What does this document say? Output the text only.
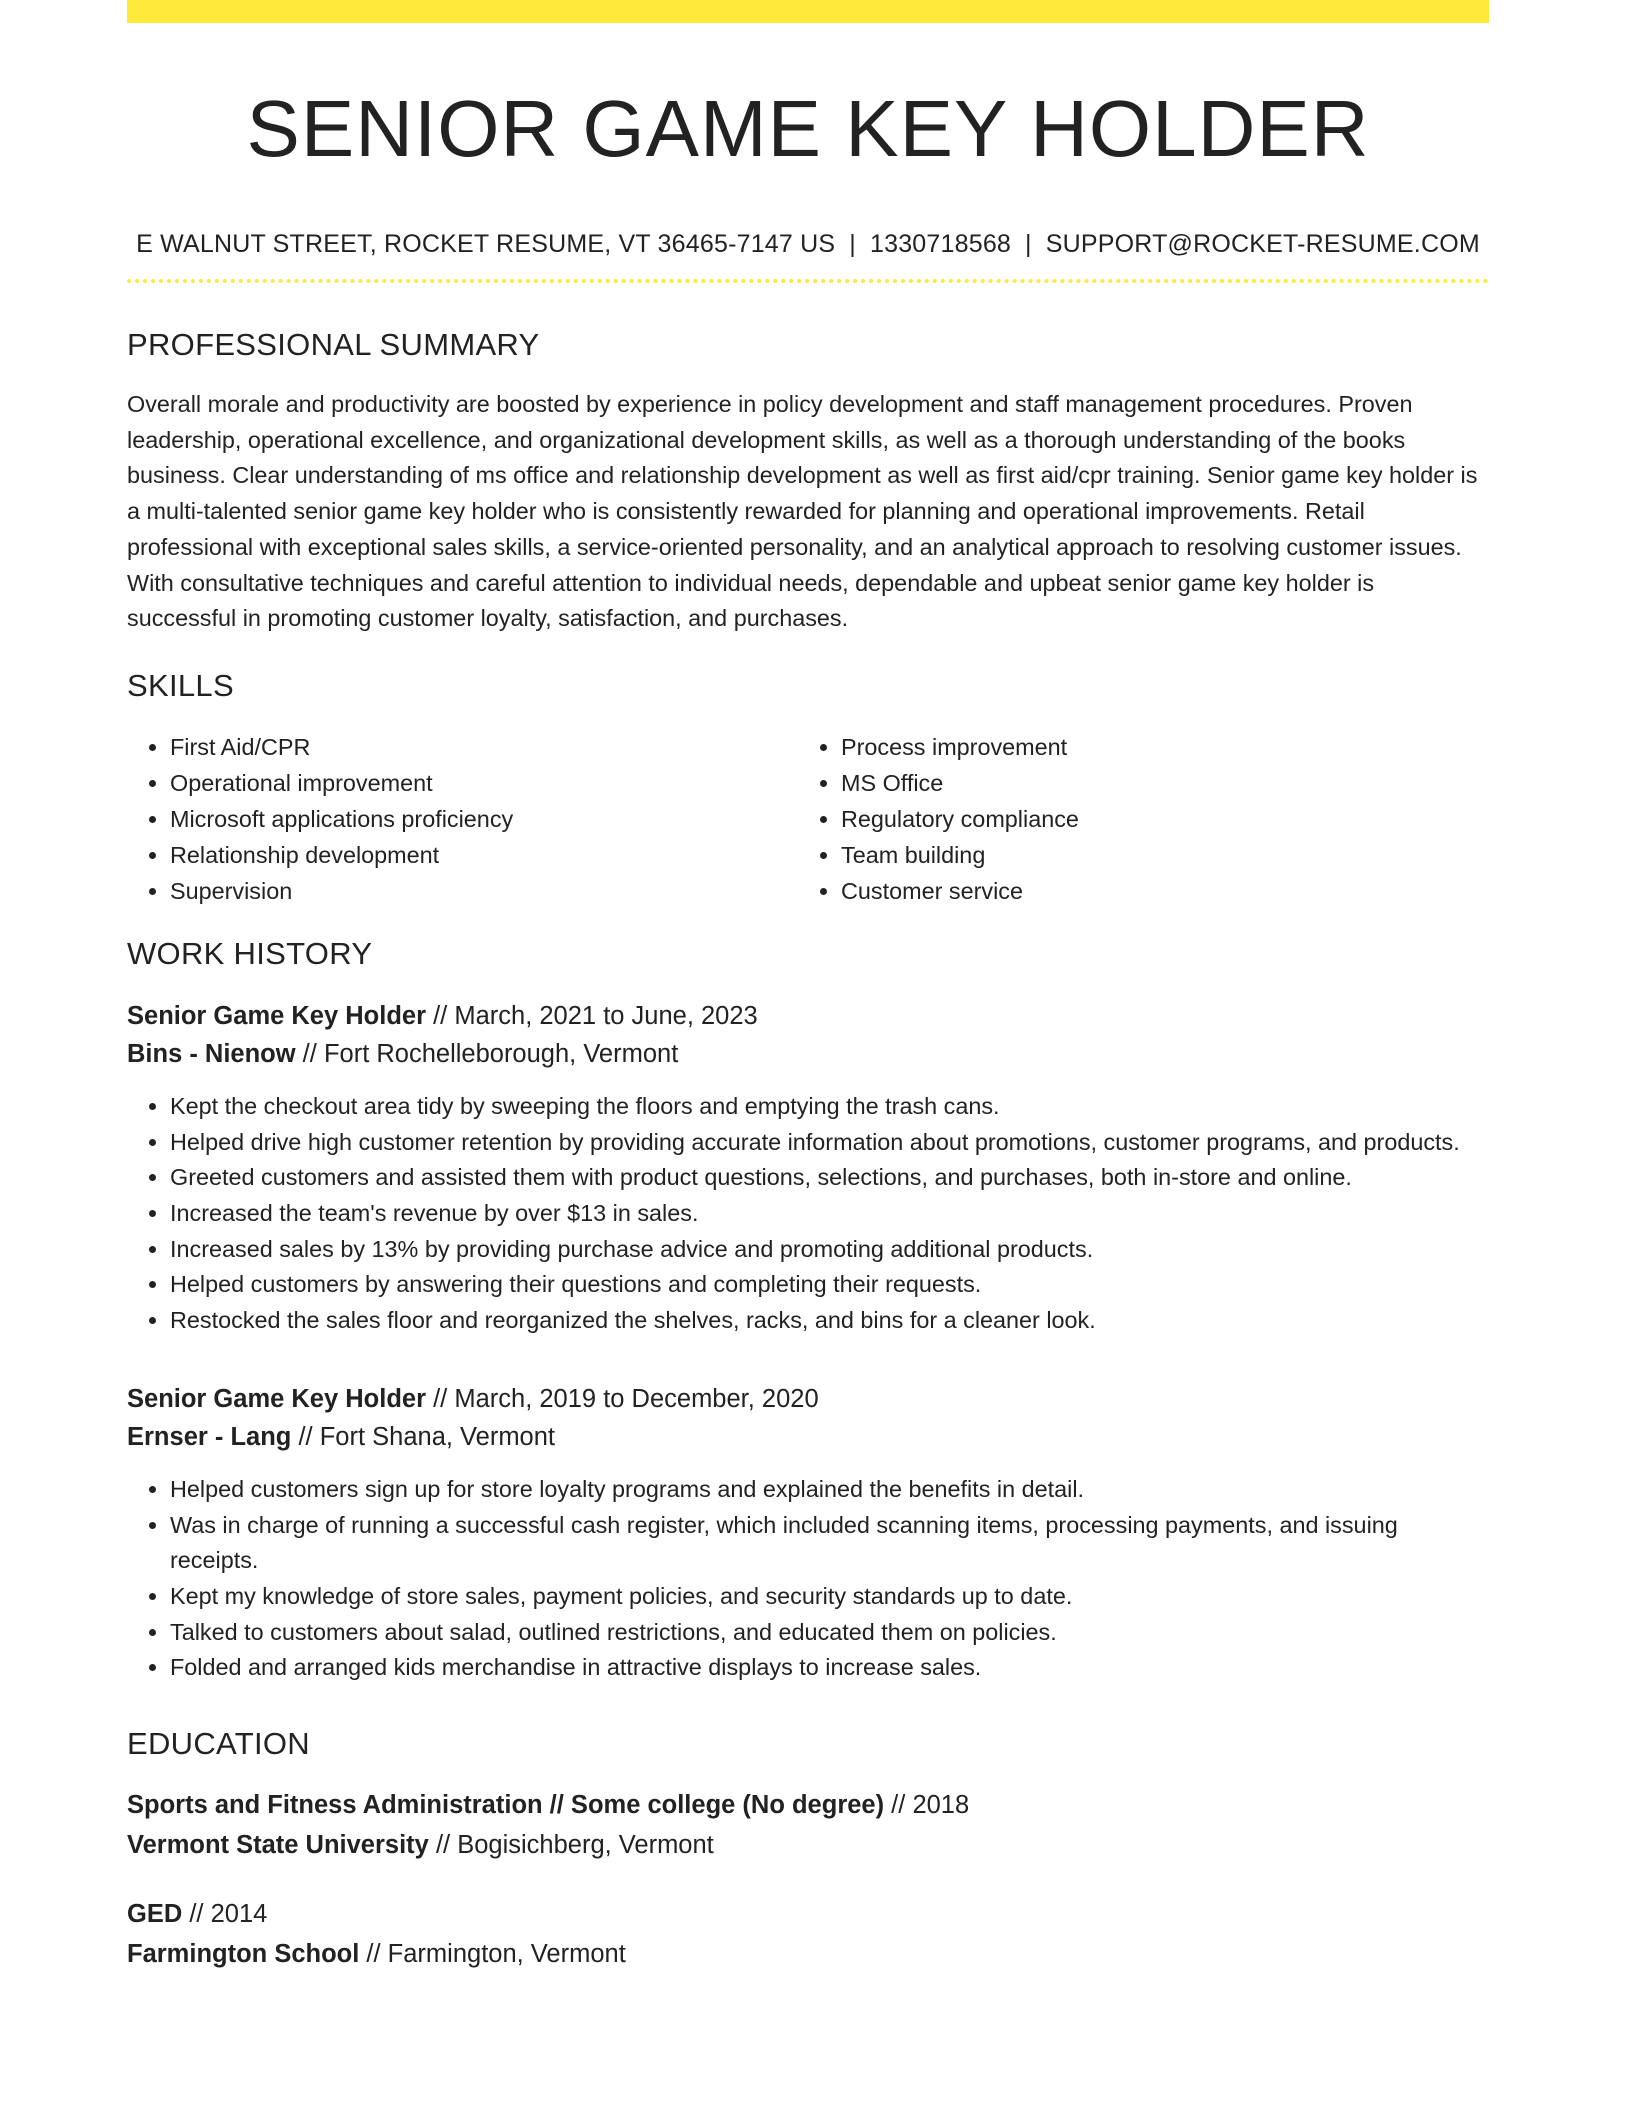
SENIOR GAME KEY HOLDER
E WALNUT STREET, ROCKET RESUME, VT 36465-7147 US | 1330718568 | SUPPORT@ROCKET-RESUME.COM
PROFESSIONAL SUMMARY

Overall morale and productivity are boosted by experience in policy development and staff management procedures. Proven leadership, operational excellence, and organizational development skills, as well as a thorough understanding of the books business. Clear understanding of ms office and relationship development as well as first aid/cpr training. Senior game key holder is a multi-talented senior game key holder who is consistently rewarded for planning and operational improvements. Retail professional with exceptional sales skills, a service-oriented personality, and an analytical approach to resolving customer issues. With consultative techniques and careful attention to individual needs, dependable and upbeat senior game key holder is successful in promoting customer loyalty, satisfaction, and purchases.

SKILLS
• First Aid/CPR
• Operational improvement
• Microsoft applications proficiency
• Relationship development
• Supervision
• Process improvement
• MS Office
• Regulatory compliance
• Team building
• Customer service
WORK HISTORY
Senior Game Key Holder // March, 2021 to June, 2023
Bins - Nienow // Fort Rochelleborough, Vermont
• Kept the checkout area tidy by sweeping the floors and emptying the trash cans.
• Helped drive high customer retention by providing accurate information about promotions, customer programs, and products.
• Greeted customers and assisted them with product questions, selections, and purchases, both in-store and online.
• Increased the team's revenue by over $13 in sales.
• Increased sales by 13% by providing purchase advice and promoting additional products.
• Helped customers by answering their questions and completing their requests.
• Restocked the sales floor and reorganized the shelves, racks, and bins for a cleaner look.
Senior Game Key Holder // March, 2019 to December, 2020
Ernser - Lang // Fort Shana, Vermont
• Helped customers sign up for store loyalty programs and explained the benefits in detail.
• Was in charge of running a successful cash register, which included scanning items, processing payments, and issuing receipts.
• Kept my knowledge of store sales, payment policies, and security standards up to date.
• Talked to customers about salad, outlined restrictions, and educated them on policies.
• Folded and arranged kids merchandise in attractive displays to increase sales.
EDUCATION
Sports and Fitness Administration // Some college (No degree) // 2018
Vermont State University // Bogisichberg, Vermont
GED // 2014
Farmington School // Farmington, Vermont
